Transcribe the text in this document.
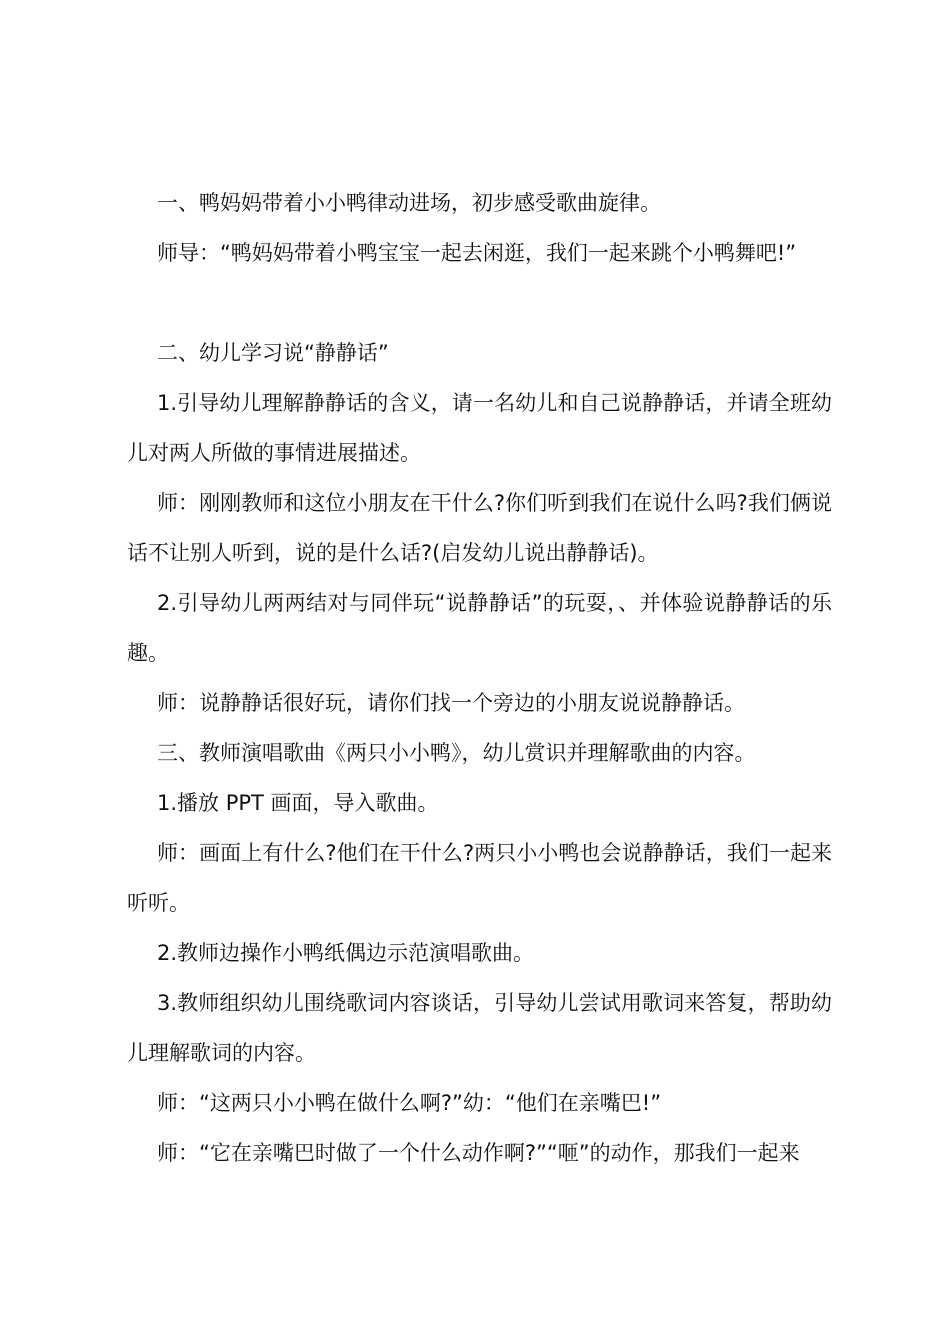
一、鸭妈妈带着小小鸭律动进场，初步感受歌曲旋律。

师导：“鸭妈妈带着小鸭宝宝一起去闲逛，我们一起来跳个小鸭舞吧!”

二、幼儿学习说“静静话”

1.引导幼儿理解静静话的含义，请一名幼儿和自己说静静话，并请全班幼儿对两人所做的事情进展描述。

师：刚刚教师和这位小朋友在干什么?你们听到我们在说什么吗?我们俩说话不让别人听到，说的是什么话?(启发幼儿说出静静话)。

2.引导幼儿两两结对与同伴玩“说静静话”的玩耍，、并体验说静静话的乐趣。

师：说静静话很好玩，请你们找一个旁边的小朋友说说静静话。

三、教师演唱歌曲《两只小小鸭》，幼儿赏识并理解歌曲的内容。

1.播放 PPT 画面，导入歌曲。

师：画面上有什么?他们在干什么?两只小小鸭也会说静静话，我们一起来听听。

2.教师边操作小鸭纸偶边示范演唱歌曲。

3.教师组织幼儿围绕歌词内容谈话，引导幼儿尝试用歌词来答复，帮助幼儿理解歌词的内容。

师：“这两只小小鸭在做什么啊?”幼：“他们在亲嘴巴!”

师：“它在亲嘴巴时做了一个什么动作啊?”“咂”的动作，那我们一起来
